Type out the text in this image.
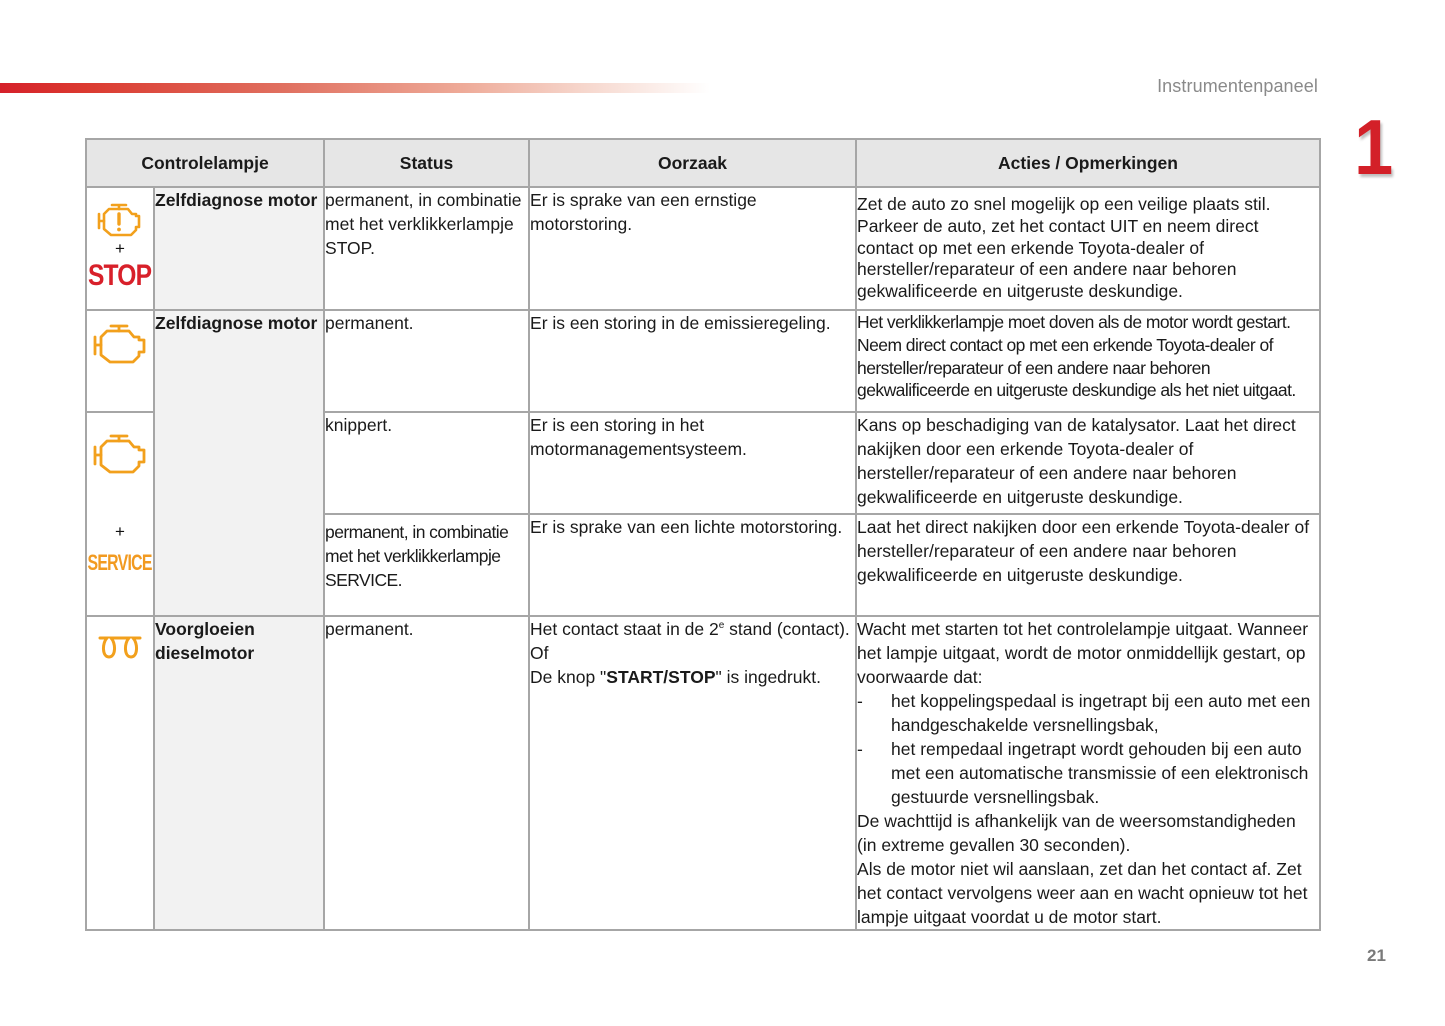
Instrumentenpaneel
1
Controlelampje		Status	Oorzaak	Acties / Opmerkingen

+
STOP	Zelfdiagnose motor	permanent, in combinatie met het verklikkerlampje STOP.	Er is sprake van een ernstige motorstoring.	Zet de auto zo snel mogelijk op een veilige plaats stil. Parkeer de auto, zet het contact UIT en neem direct contact op met een erkende Toyota-dealer of hersteller/reparateur of een andere naar behoren gekwalificeerde en uitgeruste deskundige.

	Zelfdiagnose motor	permanent.	Er is een storing in de emissieregeling.	Het verklikkerlampje moet doven als de motor wordt gestart. Neem direct contact op met een erkende Toyota-dealer of hersteller/reparateur of een andere naar behoren gekwalificeerde en uitgeruste deskundige als het niet uitgaat.

+
SERVICE		knippert.	Er is een storing in het motormanagementsysteem.	Kans op beschadiging van de katalysator. Laat het direct nakijken door een erkende Toyota-dealer of hersteller/reparateur of een andere naar behoren gekwalificeerde en uitgeruste deskundige.
		permanent, in combinatie met het verklikkerlampje SERVICE.	Er is sprake van een lichte motorstoring.	Laat het direct nakijken door een erkende Toyota-dealer of hersteller/reparateur of een andere naar behoren gekwalificeerde en uitgeruste deskundige.

	Voorgloeien dieselmotor	permanent.	Het contact staat in de 2e stand (contact).
Of
De knop "START/STOP" is ingedrukt.

Wacht met starten tot het controlelampje uitgaat. Wanneer het lampje uitgaat, wordt de motor onmiddellijk gestart, op voorwaarde dat:
-	het koppelingspedaal is ingetrapt bij een auto met een handgeschakelde versnellingsbak,
-	het rempedaal ingetrapt wordt gehouden bij een auto met een automatische transmissie of een elektronisch gestuurde versnellingsbak.
De wachttijd is afhankelijk van de weersomstandigheden (in extreme gevallen 30 seconden).
Als de motor niet wil aanslaan, zet dan het contact af. Zet het contact vervolgens weer aan en wacht opnieuw tot het lampje uitgaat voordat u de motor start.
21
